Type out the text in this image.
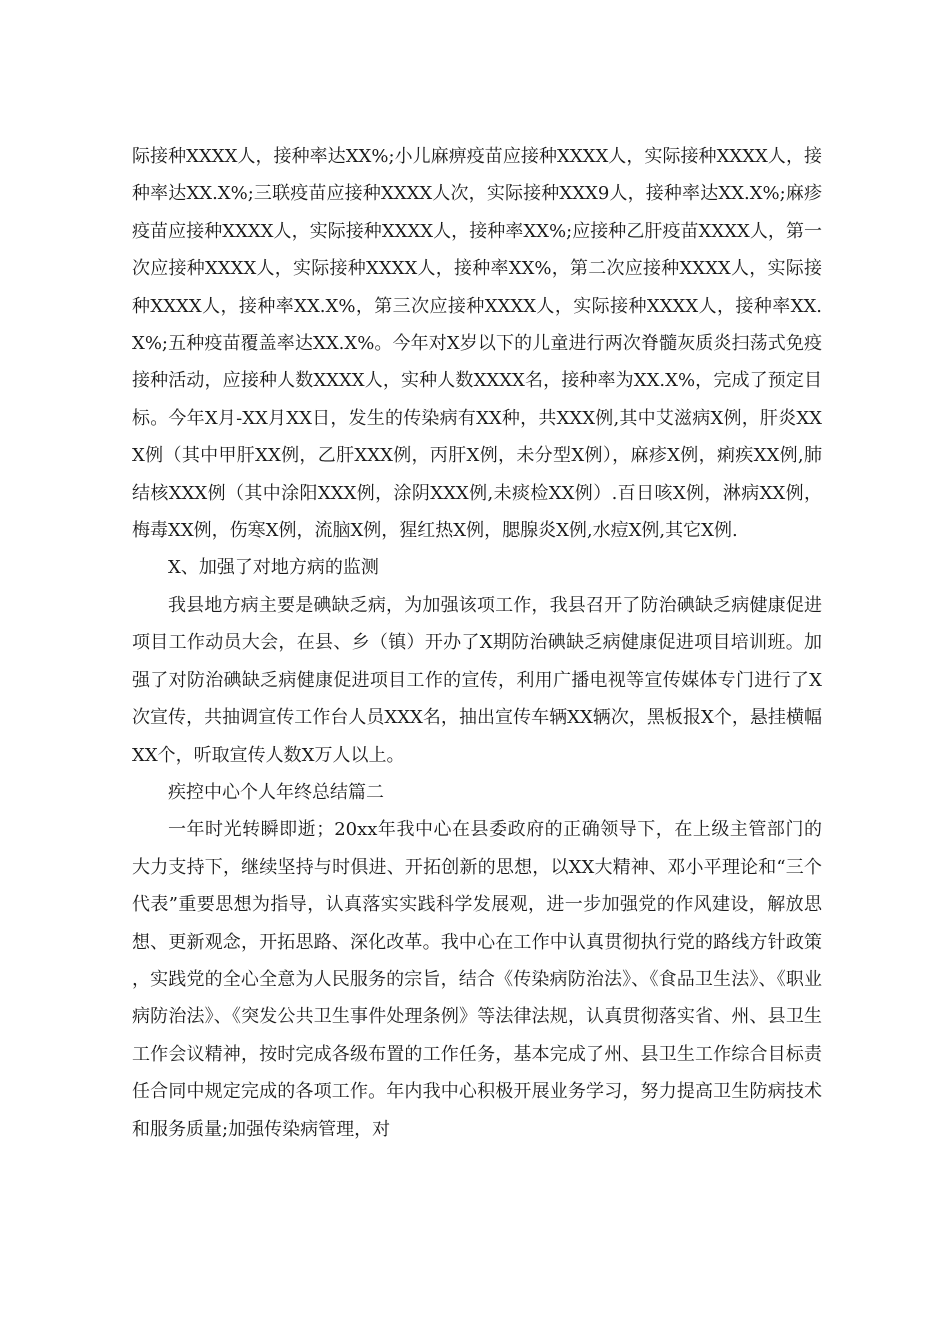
际接种XXXX人，接种率达XX%;小儿麻痹疫苗应接种XXXX人，实际接种XXXX人，接种率达XX.X%;三联疫苗应接种XXXX人次，实际接种XXX9人，接种率达XX.X%;麻疹疫苗应接种XXXX人，实际接种XXXX人，接种率XX%;应接种乙肝疫苗XXXX人，第一次应接种XXXX人，实际接种XXXX人，接种率XX%，第二次应接种XXXX人，实际接种XXXX人，接种率XX.X%，第三次应接种XXXX人，实际接种XXXX人，接种率XX.X%;五种疫苗覆盖率达XX.X%。今年对X岁以下的儿童进行两次脊髓灰质炎扫荡式免疫接种活动，应接种人数XXXX人，实种人数XXXX名，接种率为XX.X%，完成了预定目标。今年X月-XX月XX日，发生的传染病有XX种，共XXX例,其中艾滋病X例，肝炎XXX例（其中甲肝XX例，乙肝XXX例，丙肝X例，未分型X例），麻疹X例，痢疾XX例,肺结核XXX例（其中涂阳XXX例，涂阴XXX例,未痰检XX例）.百日咳X例，淋病XX例，梅毒XX例，伤寒X例，流脑X例，猩红热X例，腮腺炎X例,水痘X例,其它X例.

X、加强了对地方病的监测

我县地方病主要是碘缺乏病，为加强该项工作，我县召开了防治碘缺乏病健康促进项目工作动员大会，在县、乡（镇）开办了X期防治碘缺乏病健康促进项目培训班。加强了对防治碘缺乏病健康促进项目工作的宣传，利用广播电视等宣传媒体专门进行了X次宣传，共抽调宣传工作台人员XXX名，抽出宣传车辆XX辆次，黑板报X个，悬挂横幅XX个，听取宣传人数X万人以上。

疾控中心个人年终总结篇二

一年时光转瞬即逝；20xx年我中心在县委政府的正确领导下，在上级主管部门的大力支持下，继续坚持与时俱进、开拓创新的思想，以XX大精神、邓小平理论和“三个代表”重要思想为指导，认真落实实践科学发展观，进一步加强党的作风建设，解放思想、更新观念，开拓思路、深化改革。我中心在工作中认真贯彻执行党的路线方针政策，实践党的全心全意为人民服务的宗旨，结合《传染病防治法》、《食品卫生法》、《职业病防治法》、《突发公共卫生事件处理条例》等法律法规，认真贯彻落实省、州、县卫生工作会议精神，按时完成各级布置的工作任务，基本完成了州、县卫生工作综合目标责任合同中规定完成的各项工作。年内我中心积极开展业务学习，努力提高卫生防病技术和服务质量;加强传染病管理，对
